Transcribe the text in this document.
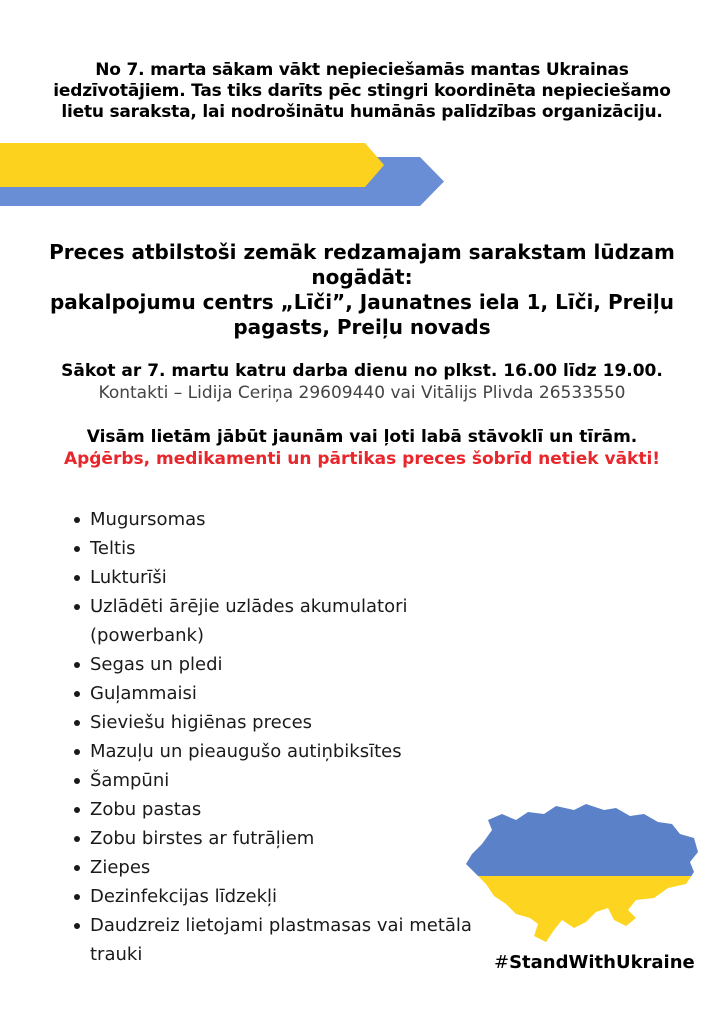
No 7. marta sākam vākt nepieciešamās mantas Ukrainas
iedzīvotājiem. Tas tiks darīts pēc stingri koordinēta nepieciešamo
lietu saraksta, lai nodrošinātu humānās palīdzības organizāciju.
Preces atbilstoši zemāk redzamajam sarakstam lūdzam
nogādāt:
pakalpojumu centrs „Līči”, Jaunatnes iela 1, Līči, Preiļu
pagasts, Preiļu novads
Sākot ar 7. martu katru darba dienu no plkst. 16.00 līdz 19.00.
Kontakti – Lidija Ceriņa 29609440 vai Vitālijs Plivda 26533550
Visām lietām jābūt jaunām vai ļoti labā stāvoklī un tīrām.
Apģērbs, medikamenti un pārtikas preces šobrīd netiek vākti!
Mugursomas
Teltis
Lukturīši
Uzlādēti ārējie uzlādes akumulatori (powerbank)
Segas un pledi
Guļammaisi
Sieviešu higiēnas preces
Mazuļu un pieaugušo autiņbiksītes
Šampūni
Zobu pastas
Zobu birstes ar futrāļiem
Ziepes
Dezinfekcijas līdzekļi
Daudzreiz lietojami plastmasas vai metāla trauki	#StandWithUkraine
